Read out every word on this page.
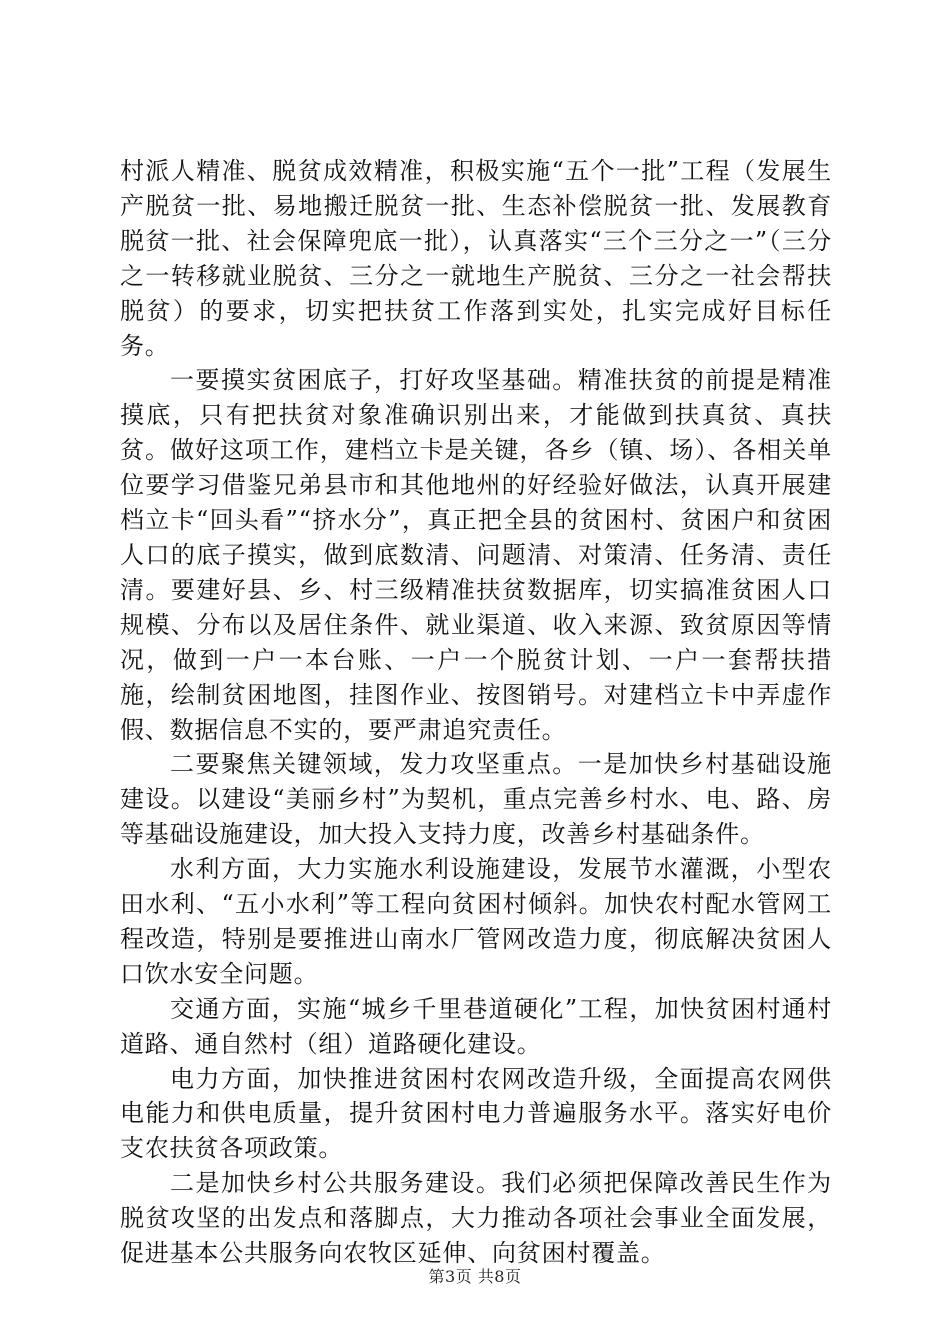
村派人精准、脱贫成效精准，积极实施“五个一批”工程（发展生产脱贫一批、易地搬迁脱贫一批、生态补偿脱贫一批、发展教育脱贫一批、社会保障兜底一批），认真落实“三个三分之一”（三分之一转移就业脱贫、三分之一就地生产脱贫、三分之一社会帮扶脱贫）的要求，切实把扶贫工作落到实处，扎实完成好目标任务。

一要摸实贫困底子，打好攻坚基础。精准扶贫的前提是精准摸底，只有把扶贫对象准确识别出来，才能做到扶真贫、真扶贫。做好这项工作，建档立卡是关键，各乡（镇、场）、各相关单位要学习借鉴兄弟县市和其他地州的好经验好做法，认真开展建档立卡“回头看”“挤水分”，真正把全县的贫困村、贫困户和贫困人口的底子摸实，做到底数清、问题清、对策清、任务清、责任清。要建好县、乡、村三级精准扶贫数据库，切实搞准贫困人口规模、分布以及居住条件、就业渠道、收入来源、致贫原因等情况，做到一户一本台账、一户一个脱贫计划、一户一套帮扶措施，绘制贫困地图，挂图作业、按图销号。对建档立卡中弄虚作假、数据信息不实的，要严肃追究责任。

二要聚焦关键领域，发力攻坚重点。一是加快乡村基础设施建设。以建设“美丽乡村”为契机，重点完善乡村水、电、路、房等基础设施建设，加大投入支持力度，改善乡村基础条件。

水利方面，大力实施水利设施建设，发展节水灌溉，小型农田水利、“五小水利”等工程向贫困村倾斜。加快农村配水管网工程改造，特别是要推进山南水厂管网改造力度，彻底解决贫困人口饮水安全问题。

交通方面，实施“城乡千里巷道硬化”工程，加快贫困村通村道路、通自然村（组）道路硬化建设。

电力方面，加快推进贫困村农网改造升级，全面提高农网供电能力和供电质量，提升贫困村电力普遍服务水平。落实好电价支农扶贫各项政策。

二是加快乡村公共服务建设。我们必须把保障改善民生作为脱贫攻坚的出发点和落脚点，大力推动各项社会事业全面发展，促进基本公共服务向农牧区延伸、向贫困村覆盖。

第3页 共8页
